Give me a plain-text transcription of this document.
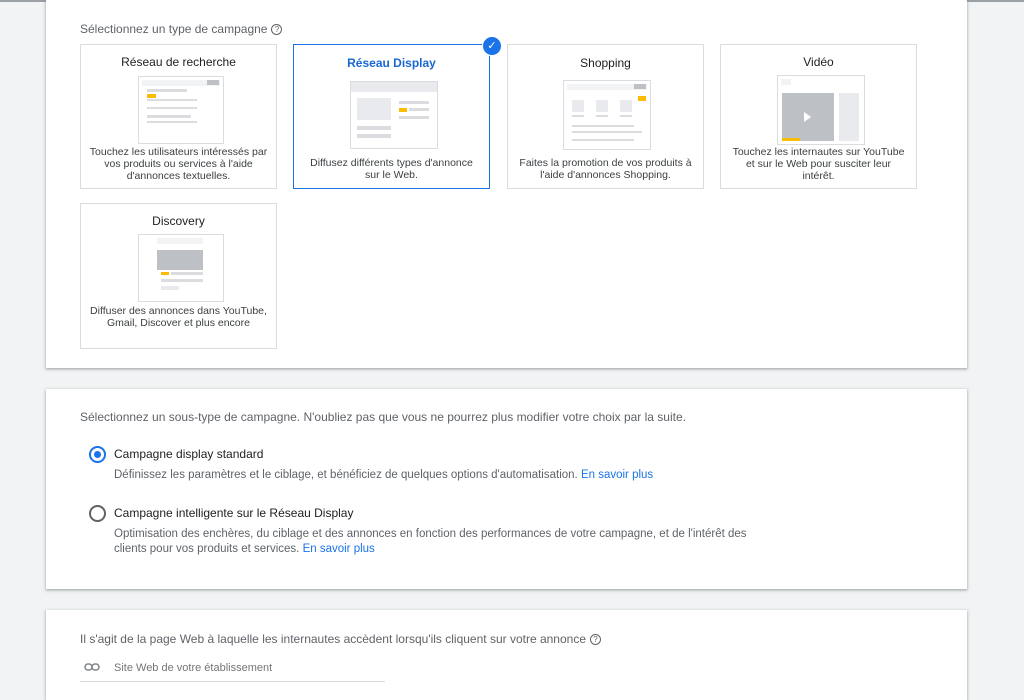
Sélectionnez un type de campagne ?
Réseau de recherche
Touchez les utilisateurs intéressés par vos produits ou services à l'aide d'annonces textuelles.
Réseau Display
Diffusez différents types d'annonce sur le Web.
✓
Shopping
Faites la promotion de vos produits à l'aide d'annonces Shopping.
Vidéo
Touchez les internautes sur YouTube et sur le Web pour susciter leur intérêt.
Discovery
Diffuser des annonces dans YouTube, Gmail, Discover et plus encore
Sélectionnez un sous-type de campagne. N'oubliez pas que vous ne pourrez plus modifier votre choix par la suite.
Campagne display standard
Définissez les paramètres et le ciblage, et bénéficiez de quelques options d'automatisation. En savoir plus
Campagne intelligente sur le Réseau Display
Optimisation des enchères, du ciblage et des annonces en fonction des performances de votre campagne, et de l'intérêt des
clients pour vos produits et services. En savoir plus
Il s'agit de la page Web à laquelle les internautes accèdent lorsqu'ils cliquent sur votre annonce ?
Site Web de votre établissement
